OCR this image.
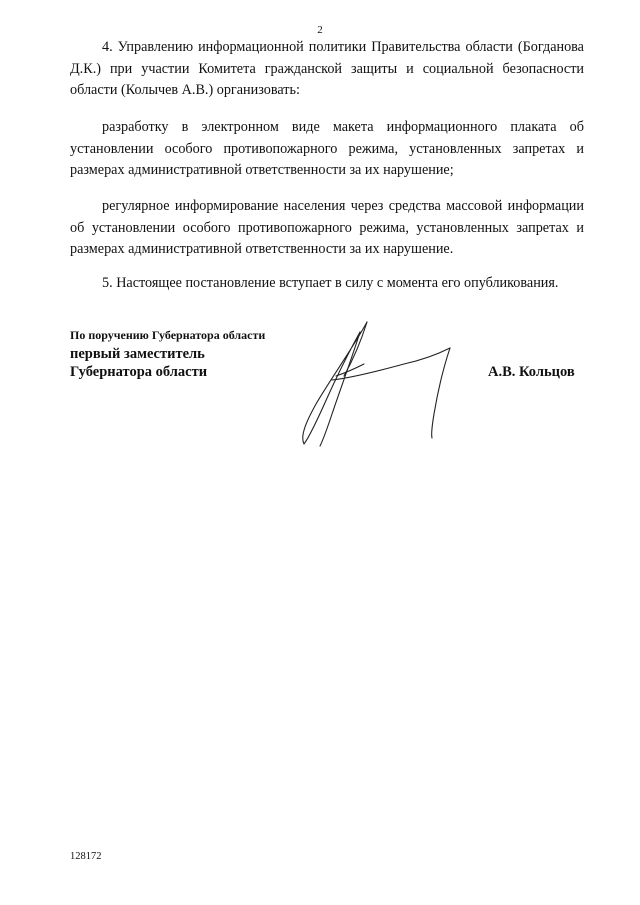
2

4. Управлению информационной политики Правительства области (Богданова Д.К.) при участии Комитета гражданской защиты и социальной безопасности области (Колычев А.В.) организовать:

разработку в электронном виде макета информационного плаката об установлении особого противопожарного режима, установленных запретах и размерах административной ответственности за их нарушение;

регулярное информирование населения через средства массовой информации об установлении особого противопожарного режима, установленных запретах и размерах административной ответственности за их нарушение.

5. Настоящее постановление вступает в силу с момента его опубликования.

По поручению Губернатора области
первый заместитель
Губернатора области	А.В. Кольцов
128172
